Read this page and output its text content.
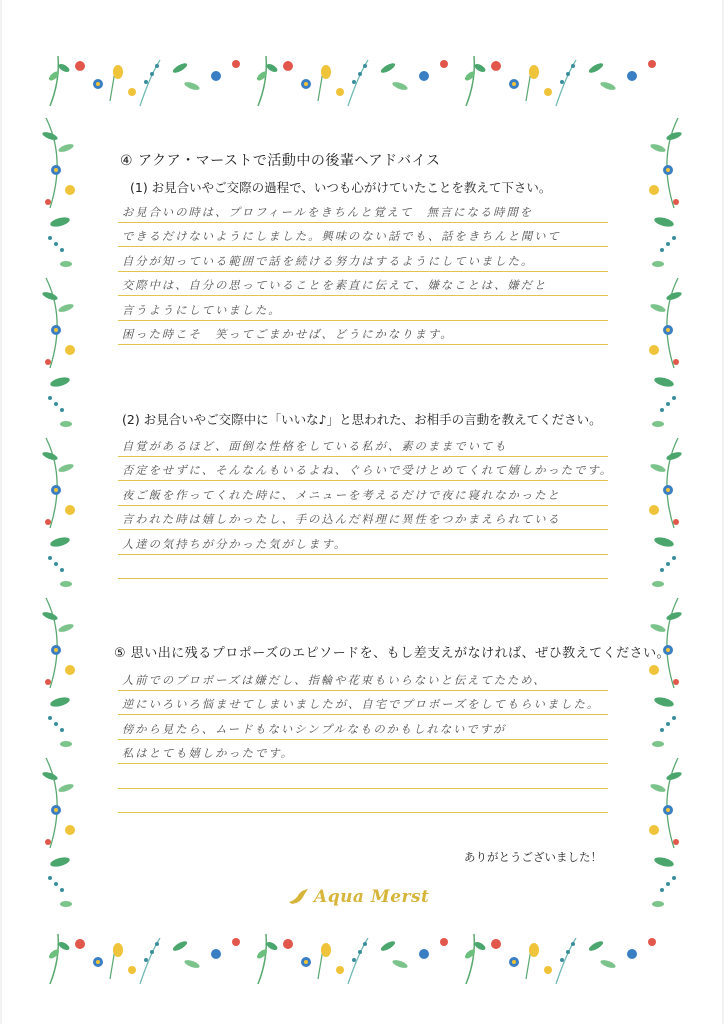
④ アクア・マーストで活動中の後輩へアドバイス
(1) お見合いやご交際の過程で、いつも心がけていたことを教えて下さい。
お見合いの時は、プロフィールをきちんと覚えて　無言になる時間を
できるだけないようにしました。興味のない話でも、話をきちんと聞いて
自分が知っている範囲で話を続ける努力はするようにしていました。
交際中は、自分の思っていることを素直に伝えて、嫌なことは、嫌だと
言うようにしていました。
困った時こそ　笑ってごまかせば、どうにかなります。
(2) お見合いやご交際中に「いいな♪」と思われた、お相手の言動を教えてください。
自覚があるほど、面倒な性格をしている私が、素のままでいても
否定をせずに、そんなんもいるよね、ぐらいで受けとめてくれて嬉しかったです。
夜ご飯を作ってくれた時に、メニューを考えるだけで夜に寝れなかったと
言われた時は嬉しかったし、手の込んだ料理に異性をつかまえられている
人達の気持ちが分かった気がします。
⑤ 思い出に残るプロポーズのエピソードを、もし差支えがなければ、ぜひ教えてください。
人前でのプロポーズは嫌だし、指輪や花束もいらないと伝えてたため、
逆にいろいろ悩ませてしまいましたが、自宅でプロポーズをしてもらいました。
傍から見たら、ムードもないシンプルなものかもしれないですが
私はとても嬉しかったです。
ありがとうございました！
Aqua Merst
